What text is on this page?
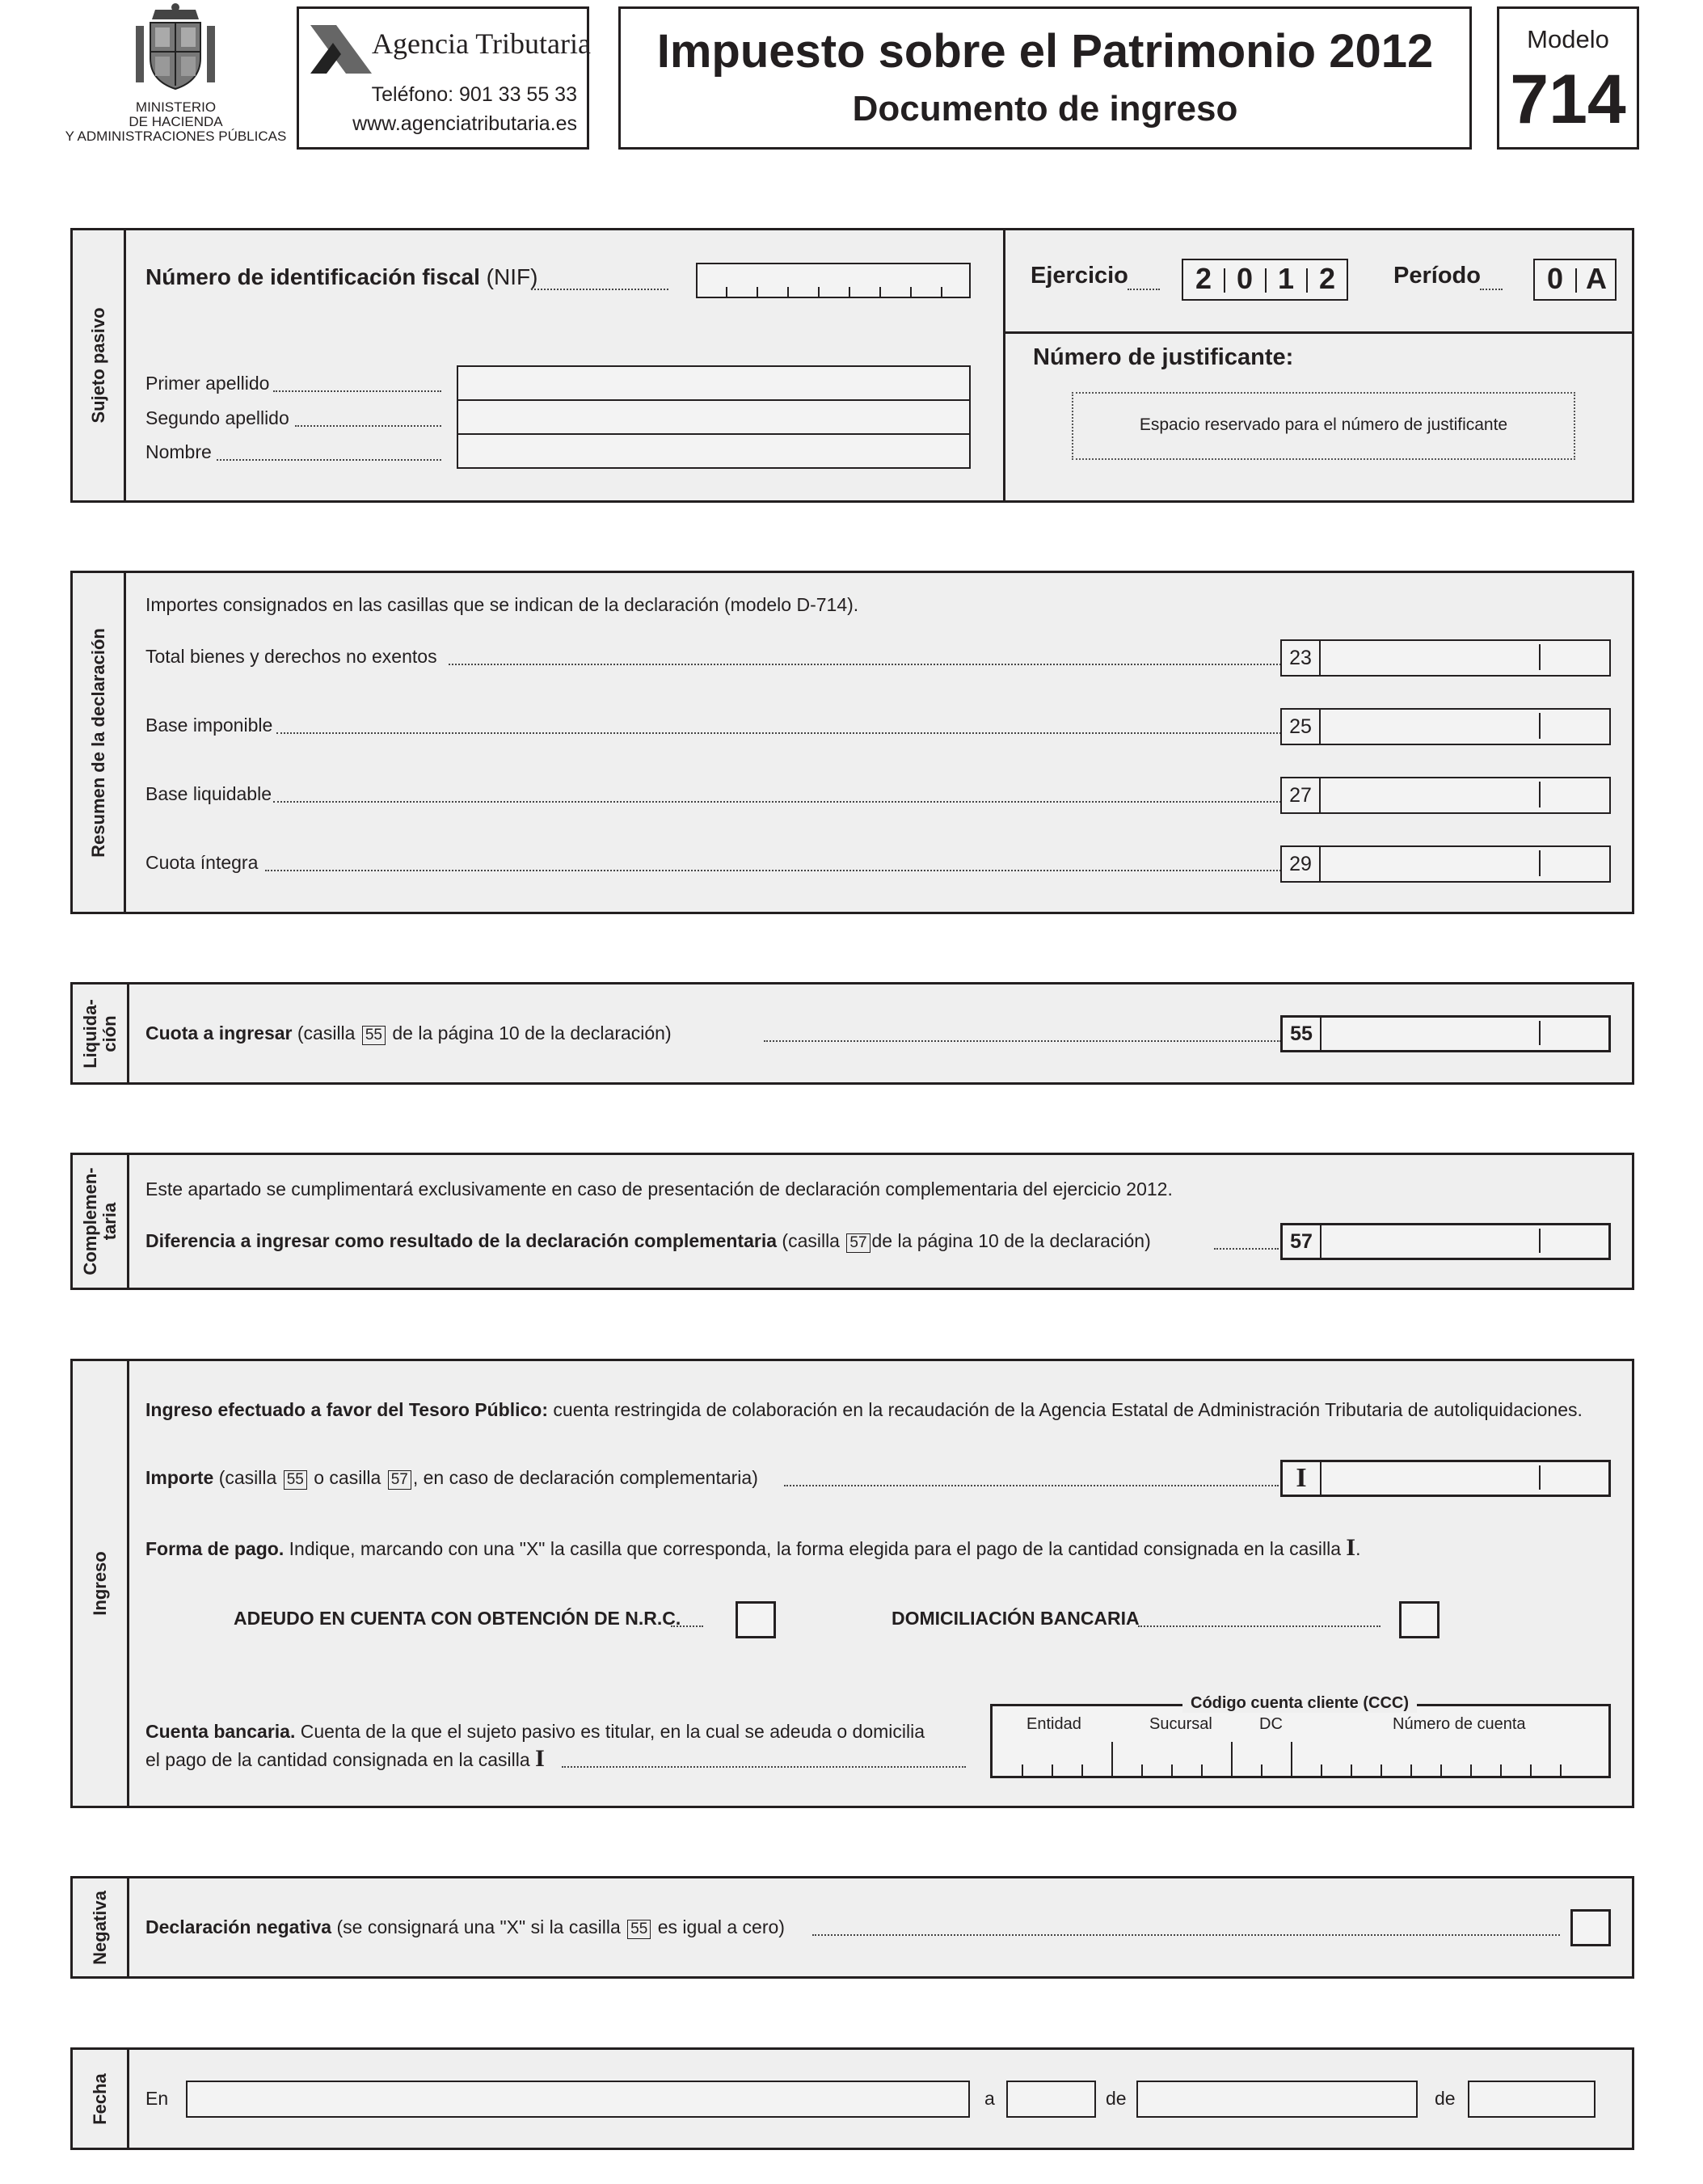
MINISTERIO
DE HACIENDA
Y ADMINISTRACIONES PÚBLICAS
Agencia Tributaria
Teléfono: 901 33 55 33
www.agenciatributaria.es
Impuesto sobre el Patrimonio 2012
Documento de ingreso
Modelo
714
Sujeto pasivo
Número de identificación fiscal (NIF)
Primer apellido
Segundo apellido
Nombre
Ejercicio	2 0 1 2	Período	0 A
Número de justificante:
Espacio reservado para el número de justificante
Resumen de la declaración
Importes consignados en las casillas que se indican de la declaración (modelo D-714).
Total bienes y derechos no exentos	23
Base imponible	25
Base liquidable	27
Cuota íntegra	29
Liquida- ción Cuota a ingresar (casilla 55 de la página 10 de la declaración)	55
Complemen- taria
Este apartado se cumplimentará exclusivamente en caso de presentación de declaración complementaria del ejercicio 2012.
Diferencia a ingresar como resultado de la declaración complementaria (casilla 57 de la página 10 de la declaración)	57
Ingreso
Ingreso efectuado a favor del Tesoro Público: cuenta restringida de colaboración en la recaudación de la Agencia Estatal de Administración Tributaria de autoliquidaciones.
Importe (casilla 55 o casilla 57 , en caso de declaración complementaria)	I
Forma de pago. Indique, marcando con una "X" la casilla que corresponda, la forma elegida para el pago de la cantidad consignada en la casilla I.
ADEUDO EN CUENTA CON OBTENCIÓN DE N.R.C.	DOMICILIACIÓN BANCARIA
Cuenta bancaria. Cuenta de la que el sujeto pasivo es titular, en la cual se adeuda o domicilia
el pago de la cantidad consignada en la casilla I
Código cuenta cliente (CCC)
Entidad	Sucursal	DC	Número de cuenta
Negativa Declaración negativa (se consignará una "X" si la casilla 55 es igual a cero)
Fecha En	a	de	de
